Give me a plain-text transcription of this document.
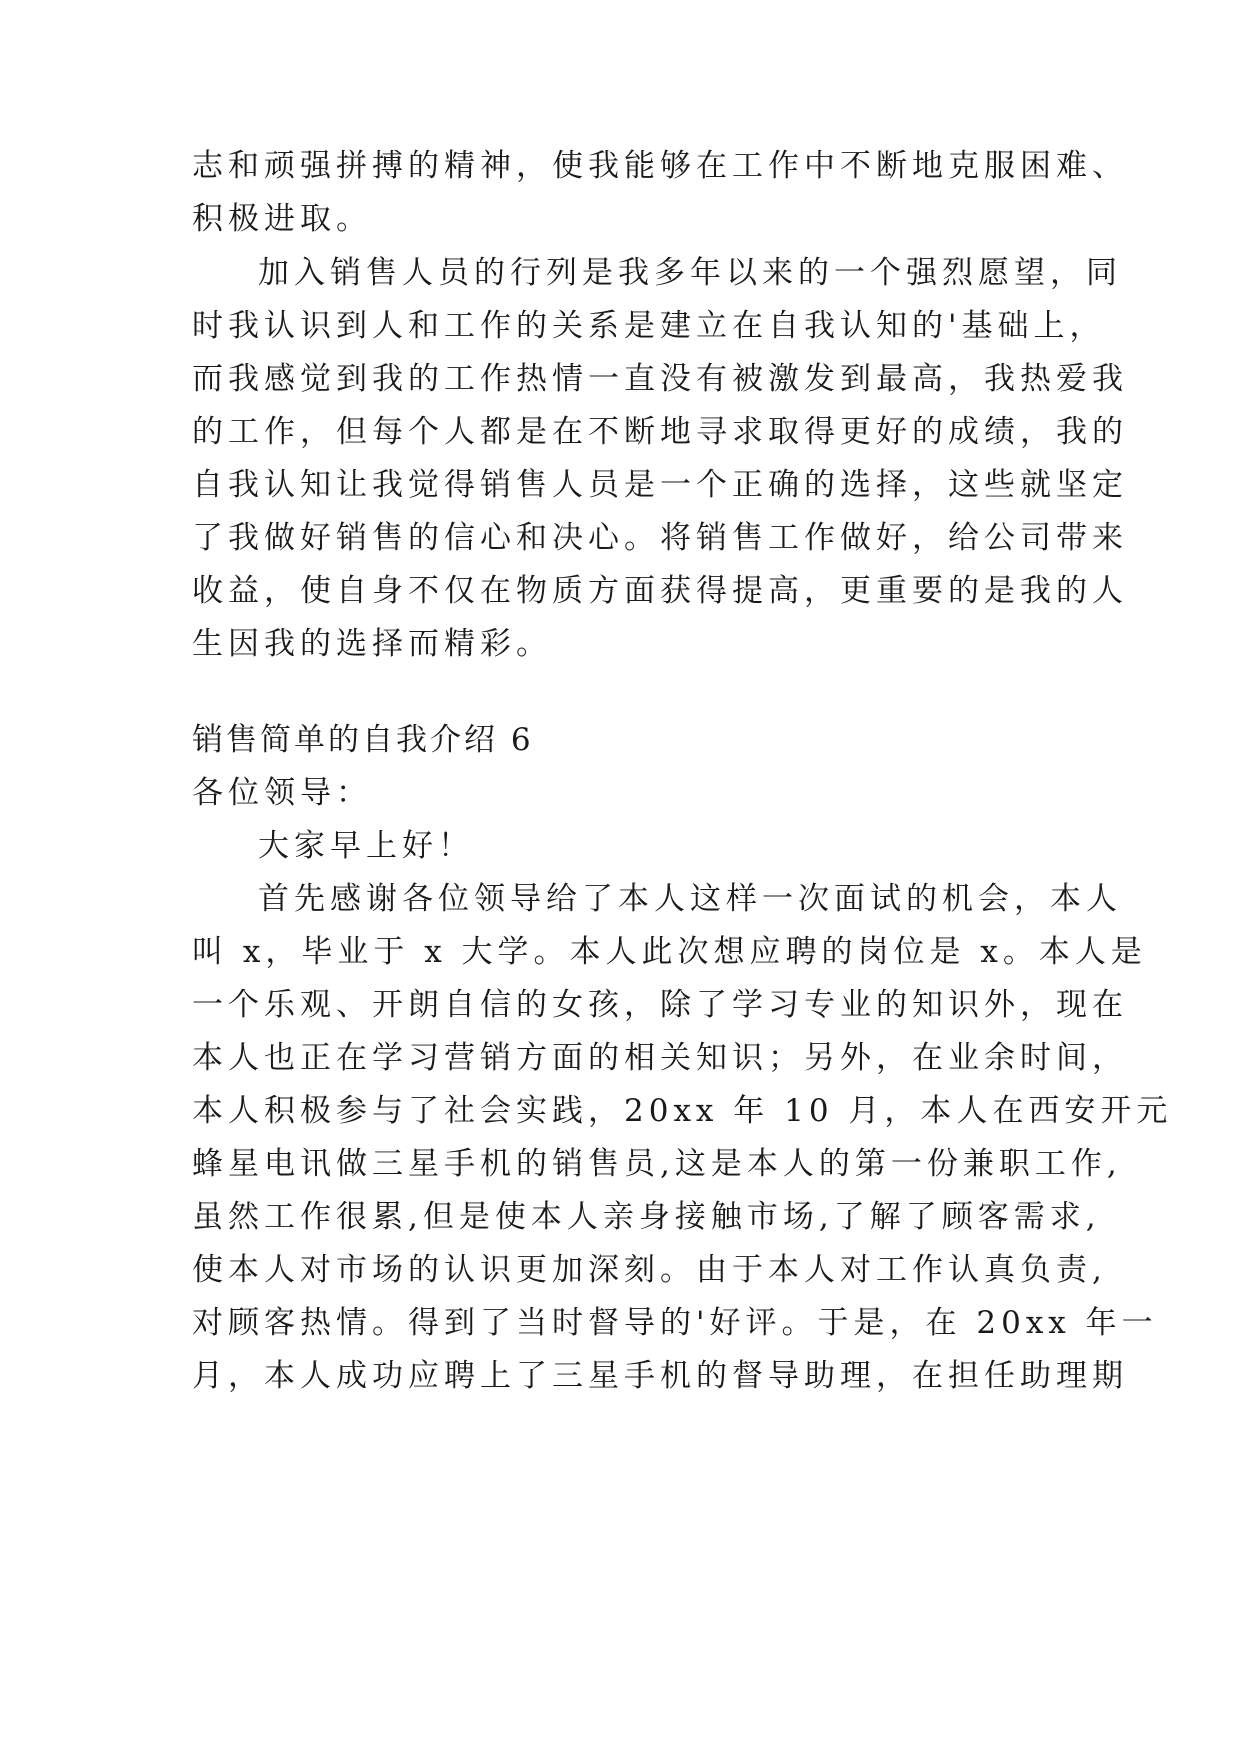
志和顽强拼搏的精神，使我能够在工作中不断地克服困难、
积极进取。
加入销售人员的行列是我多年以来的一个强烈愿望，同
时我认识到人和工作的关系是建立在自我认知的'基础上，
而我感觉到我的工作热情一直没有被激发到最高，我热爱我
的工作，但每个人都是在不断地寻求取得更好的成绩，我的
自我认知让我觉得销售人员是一个正确的选择，这些就坚定
了我做好销售的信心和决心。将销售工作做好，给公司带来
收益，使自身不仅在物质方面获得提高，更重要的是我的人
生因我的选择而精彩。
销售简单的自我介绍 6
各位领导：
大家早上好！
首先感谢各位领导给了本人这样一次面试的机会，本人
叫 x，毕业于 x 大学。本人此次想应聘的岗位是 x。本人是
一个乐观、开朗自信的女孩，除了学习专业的知识外，现在
本人也正在学习营销方面的相关知识；另外，在业余时间，
本人积极参与了社会实践，20xx 年 10 月，本人在西安开元
蜂星电讯做三星手机的销售员,这是本人的第一份兼职工作,
虽然工作很累,但是使本人亲身接触市场,了解了顾客需求,
使本人对市场的认识更加深刻。由于本人对工作认真负责,
对顾客热情。得到了当时督导的'好评。于是，在 20xx 年一
月，本人成功应聘上了三星手机的督导助理，在担任助理期
